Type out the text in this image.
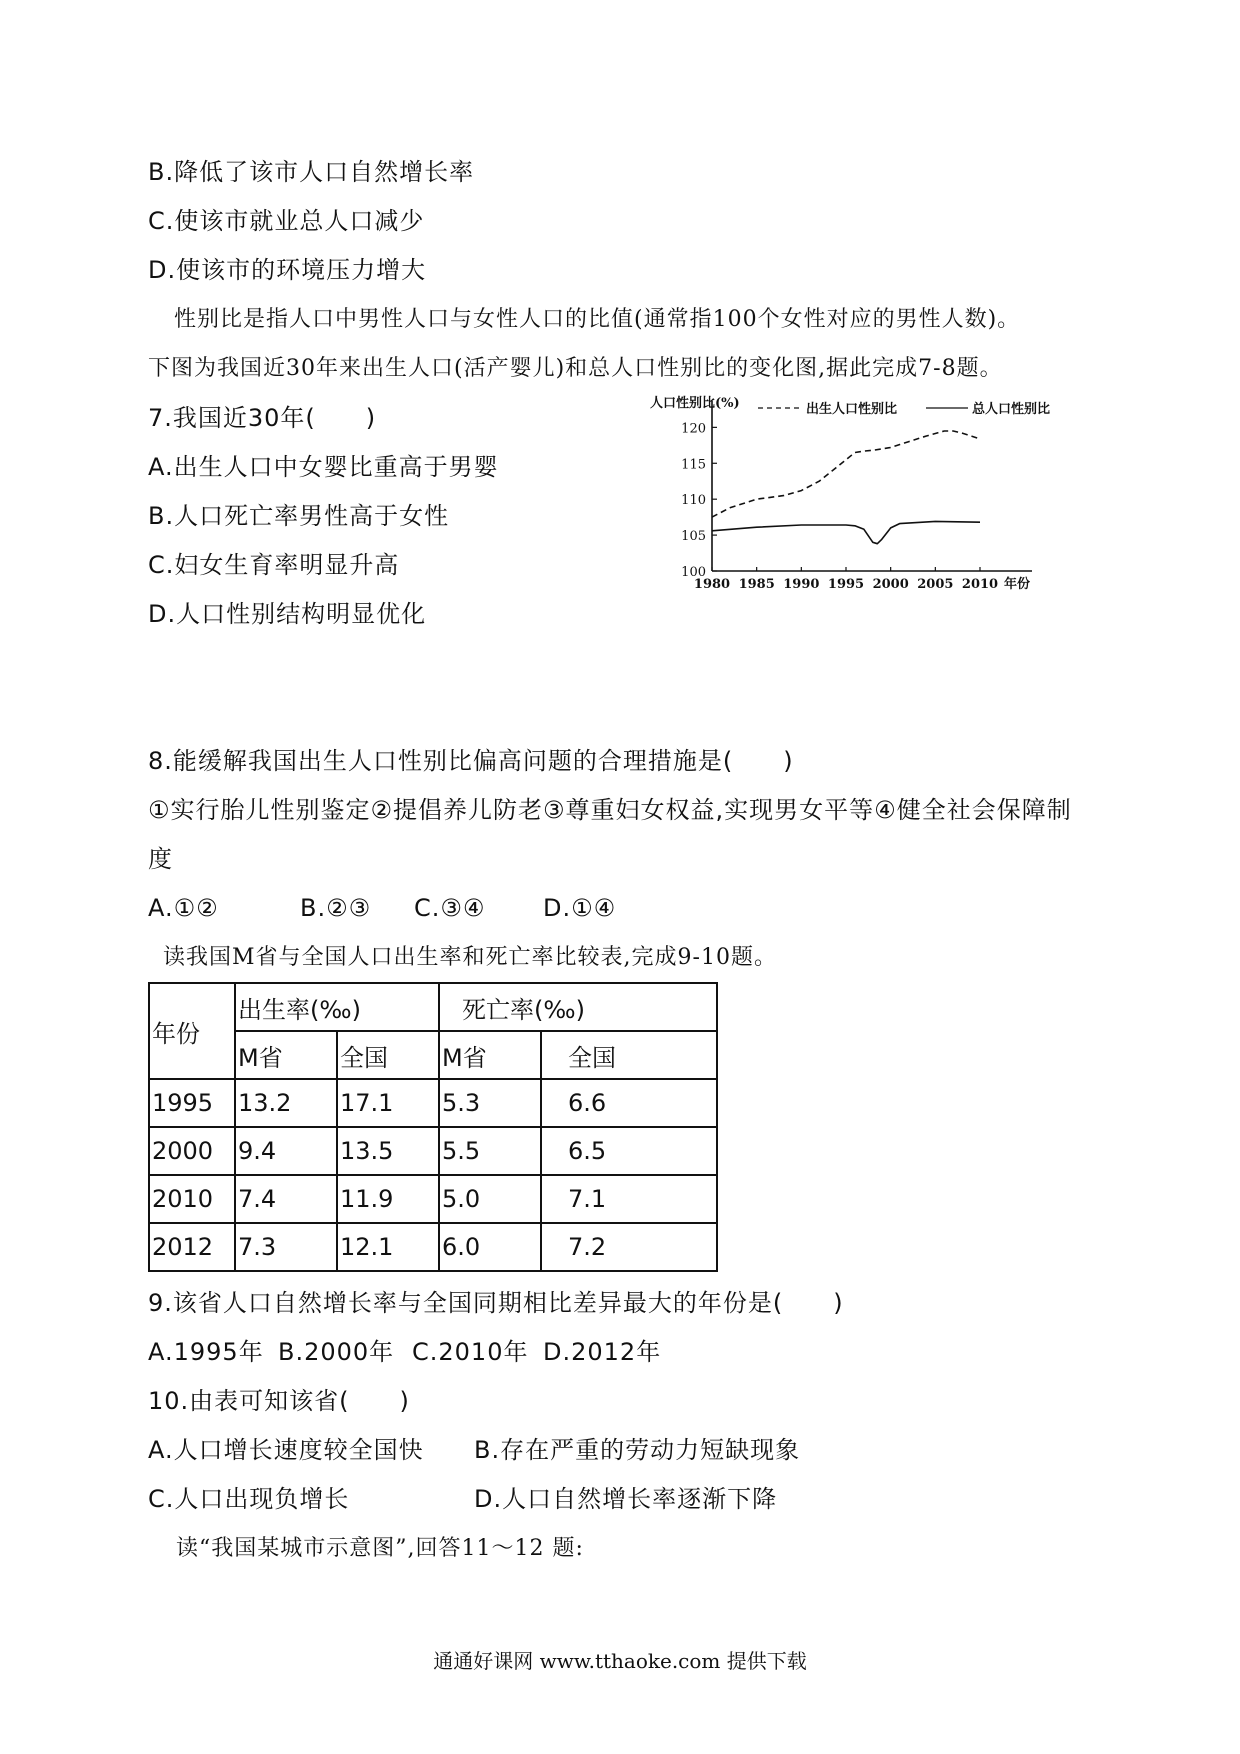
B.降低了该市人口自然增长率
C.使该市就业总人口减少
D.使该市的环境压力增大
性别比是指人口中男性人口与女性人口的比值(通常指100个女性对应的男性人数)。
下图为我国近30年来出生人口(活产婴儿)和总人口性别比的变化图,据此完成7-8题。
7.我国近30年(　　)
A.出生人口中女婴比重高于男婴
B.人口死亡率男性高于女性
C.妇女生育率明显升高
D.人口性别结构明显优化
100
105
110
115
120
1980 1985 1990 1995 2000 2005 2010
人口性别比(%)
年份
出生人口性别比	总人口性别比
8.能缓解我国出生人口性别比偏高问题的合理措施是(　　)
①实行胎儿性别鉴定②提倡养儿防老③尊重妇女权益,实现男女平等④健全社会保障制
度
A.①②	B.②③ C.③④ D.①④
读我国M省与全国人口出生率和死亡率比较表,完成9-10题。
年份	出生率(‰)		死亡率(‰)	
	M省	全国	M省	全国
1995	13.2	17.1	5.3	6.6
2000	9.4	13.5	5.5	6.5
2010	7.4	11.9	5.0	7.1
2012	7.3	12.1	6.0	7.2
9.该省人口自然增长率与全国同期相比差异最大的年份是(　　)
A.1995年 B.2000年 C.2010年 D.2012年
10.由表可知该省(　　)
A.人口增长速度较全国快 B.存在严重的劳动力短缺现象
C.人口出现负增长	D.人口自然增长率逐渐下降
读“我国某城市示意图”,回答11～12 题:
通通好课网 www.tthaoke.com 提供下载
